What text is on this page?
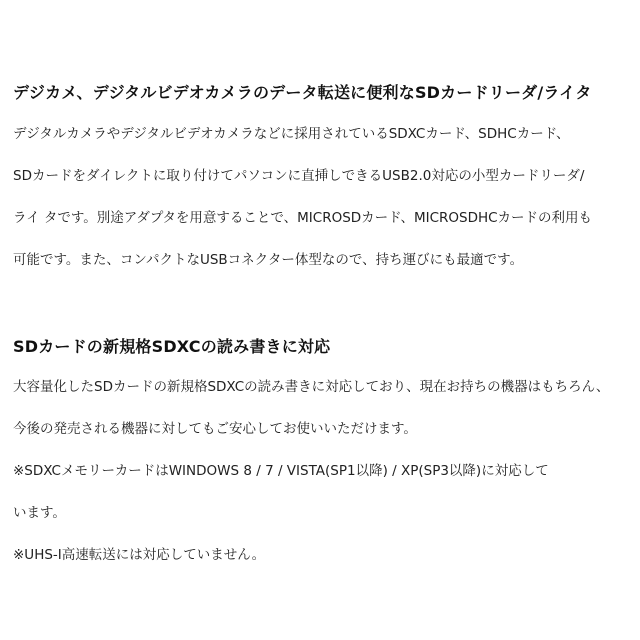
デジカメ、デジタルビデオカメラのデータ転送に便利なSDカードリーダ/ライタ

デジタルカメラやデジタルビデオカメラなどに採用されているSDXCカード、SDHCカード、

SDカードをダイレクトに取り付けてパソコンに直挿しできるUSB2.0対応の小型カードリーダ/

ライ タです。別途アダプタを用意することで、MICROSDカード、MICROSDHCカードの利用も

可能です。また、コンパクトなUSBコネクター体型なので、持ち運びにも最適です。

SDカードの新規格SDXCの読み書きに対応

大容量化したSDカードの新規格SDXCの読み書きに対応しており、現在お持ちの機器はもちろん、

今後の発売される機器に対してもご安心してお使いいただけます。

※SDXCメモリーカードはWINDOWS 8 / 7 / VISTA(SP1以降) / XP(SP3以降)に対応して

います。

※UHS-I高速転送には対応していません。
